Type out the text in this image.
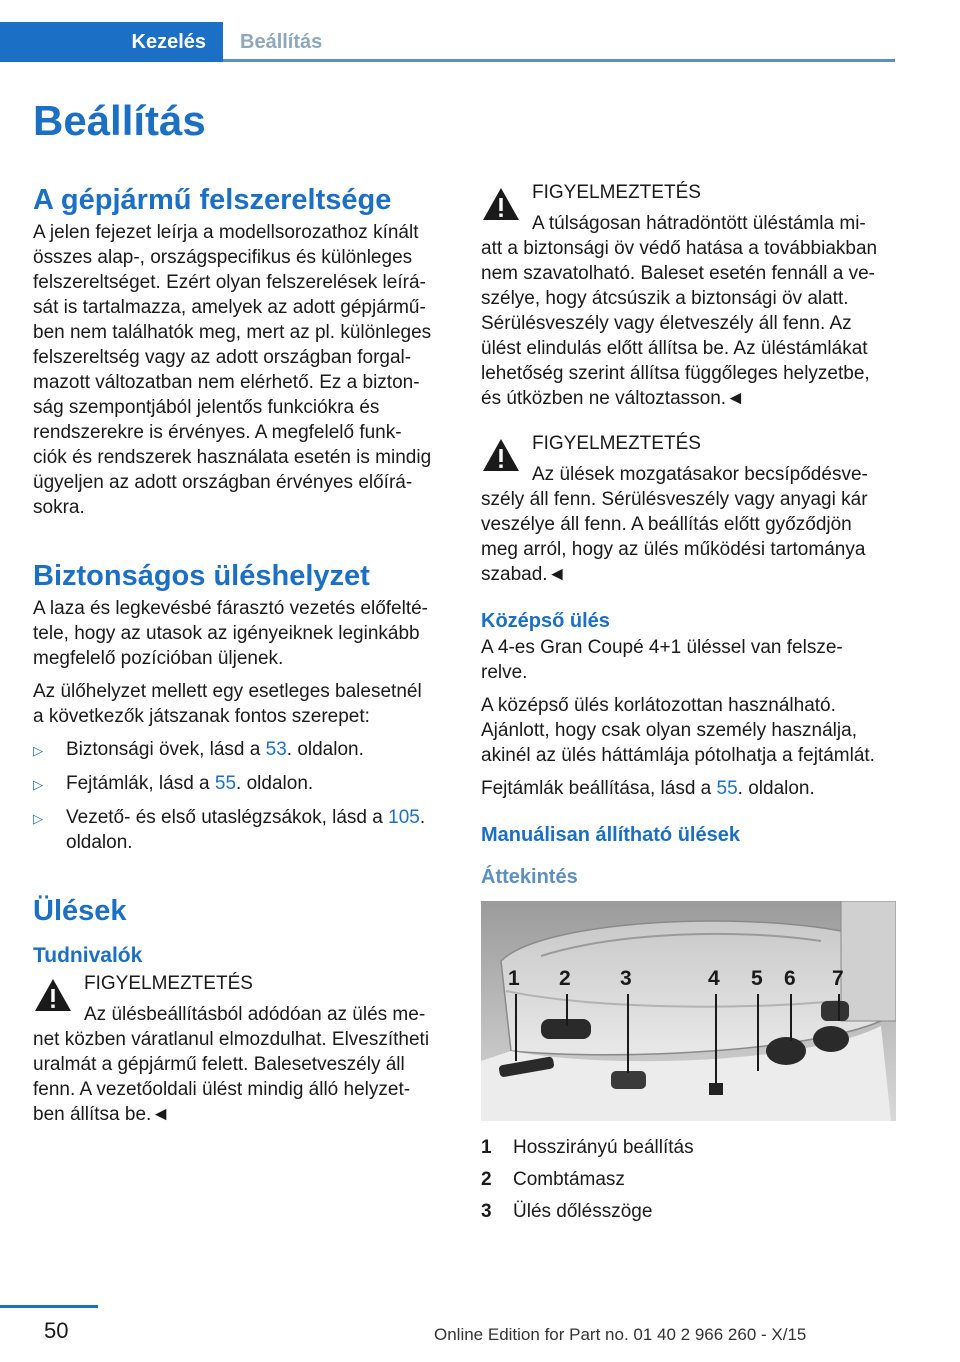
Kezelés Beállítás
Beállítás
A gépjármű felszereltsége

A jelen fejezet leírja a modellsorozathoz kínált

összes alap-, országspecifikus és különleges

felszereltséget. Ezért olyan felszerelések leírá-

sát is tartalmazza, amelyek az adott gépjármű-

ben nem találhatók meg, mert az pl. különleges

felszereltség vagy az adott országban forgal-

mazott változatban nem elérhető. Ez a bizton-

ság szempontjából jelentős funkciókra és

rendszerekre is érvényes. A megfelelő funk-

ciók és rendszerek használata esetén is mindig

ügyeljen az adott országban érvényes előírá-

sokra.

Biztonságos üléshelyzet

A laza és legkevésbé fárasztó vezetés előfelté-

tele, hogy az utasok az igényeiknek leginkább

megfelelő pozícióban üljenek.

Az ülőhelyzet mellett egy esetleges balesetnél

a következők játszanak fontos szerepet:

▷	Biztonsági övek, lásd a 53. oldalon.
▷	Fejtámlák, lásd a 55. oldalon.
▷	Vezető- és első utaslégzsákok, lásd a 105.
oldalon.
Ülések
Tudnivalók
FIGYELMEZTETÉS
Az ülésbeállításból adódóan az ülés me-

net közben váratlanul elmozdulhat. Elveszítheti

uralmát a gépjármű felett. Balesetveszély áll

fenn. A vezetőoldali ülést mindig álló helyzet-

ben állítsa be.◄

FIGYELMEZTETÉS
A túlságosan hátradöntött üléstámla mi-

att a biztonsági öv védő hatása a továbbiakban

nem szavatolható. Baleset esetén fennáll a ve-

szélye, hogy átcsúszik a biztonsági öv alatt.

Sérülésveszély vagy életveszély áll fenn. Az

ülést elindulás előtt állítsa be. Az üléstámlákat

lehetőség szerint állítsa függőleges helyzetbe,

és útközben ne változtasson.◄

FIGYELMEZTETÉS
Az ülések mozgatásakor becsípődésve-

szély áll fenn. Sérülésveszély vagy anyagi kár

veszélye áll fenn. A beállítás előtt győződjön

meg arról, hogy az ülés működési tartománya

szabad.◄

Középső ülés

A 4-es Gran Coupé 4+1 üléssel van felsze-

relve.

A középső ülés korlátozottan használható.

Ajánlott, hogy csak olyan személy használja,

akinél az ülés háttámlája pótolhatja a fejtámlát.

Fejtámlák beállítása, lásd a 55. oldalon.

Manuálisan állítható ülések
Áttekintés
1 2 3	4 5 6 7
1	Hosszirányú beállítás
2	Combtámasz
3	Ülés dőlésszöge
50	Online Edition for Part no. 01 40 2 966 260 - X/15
